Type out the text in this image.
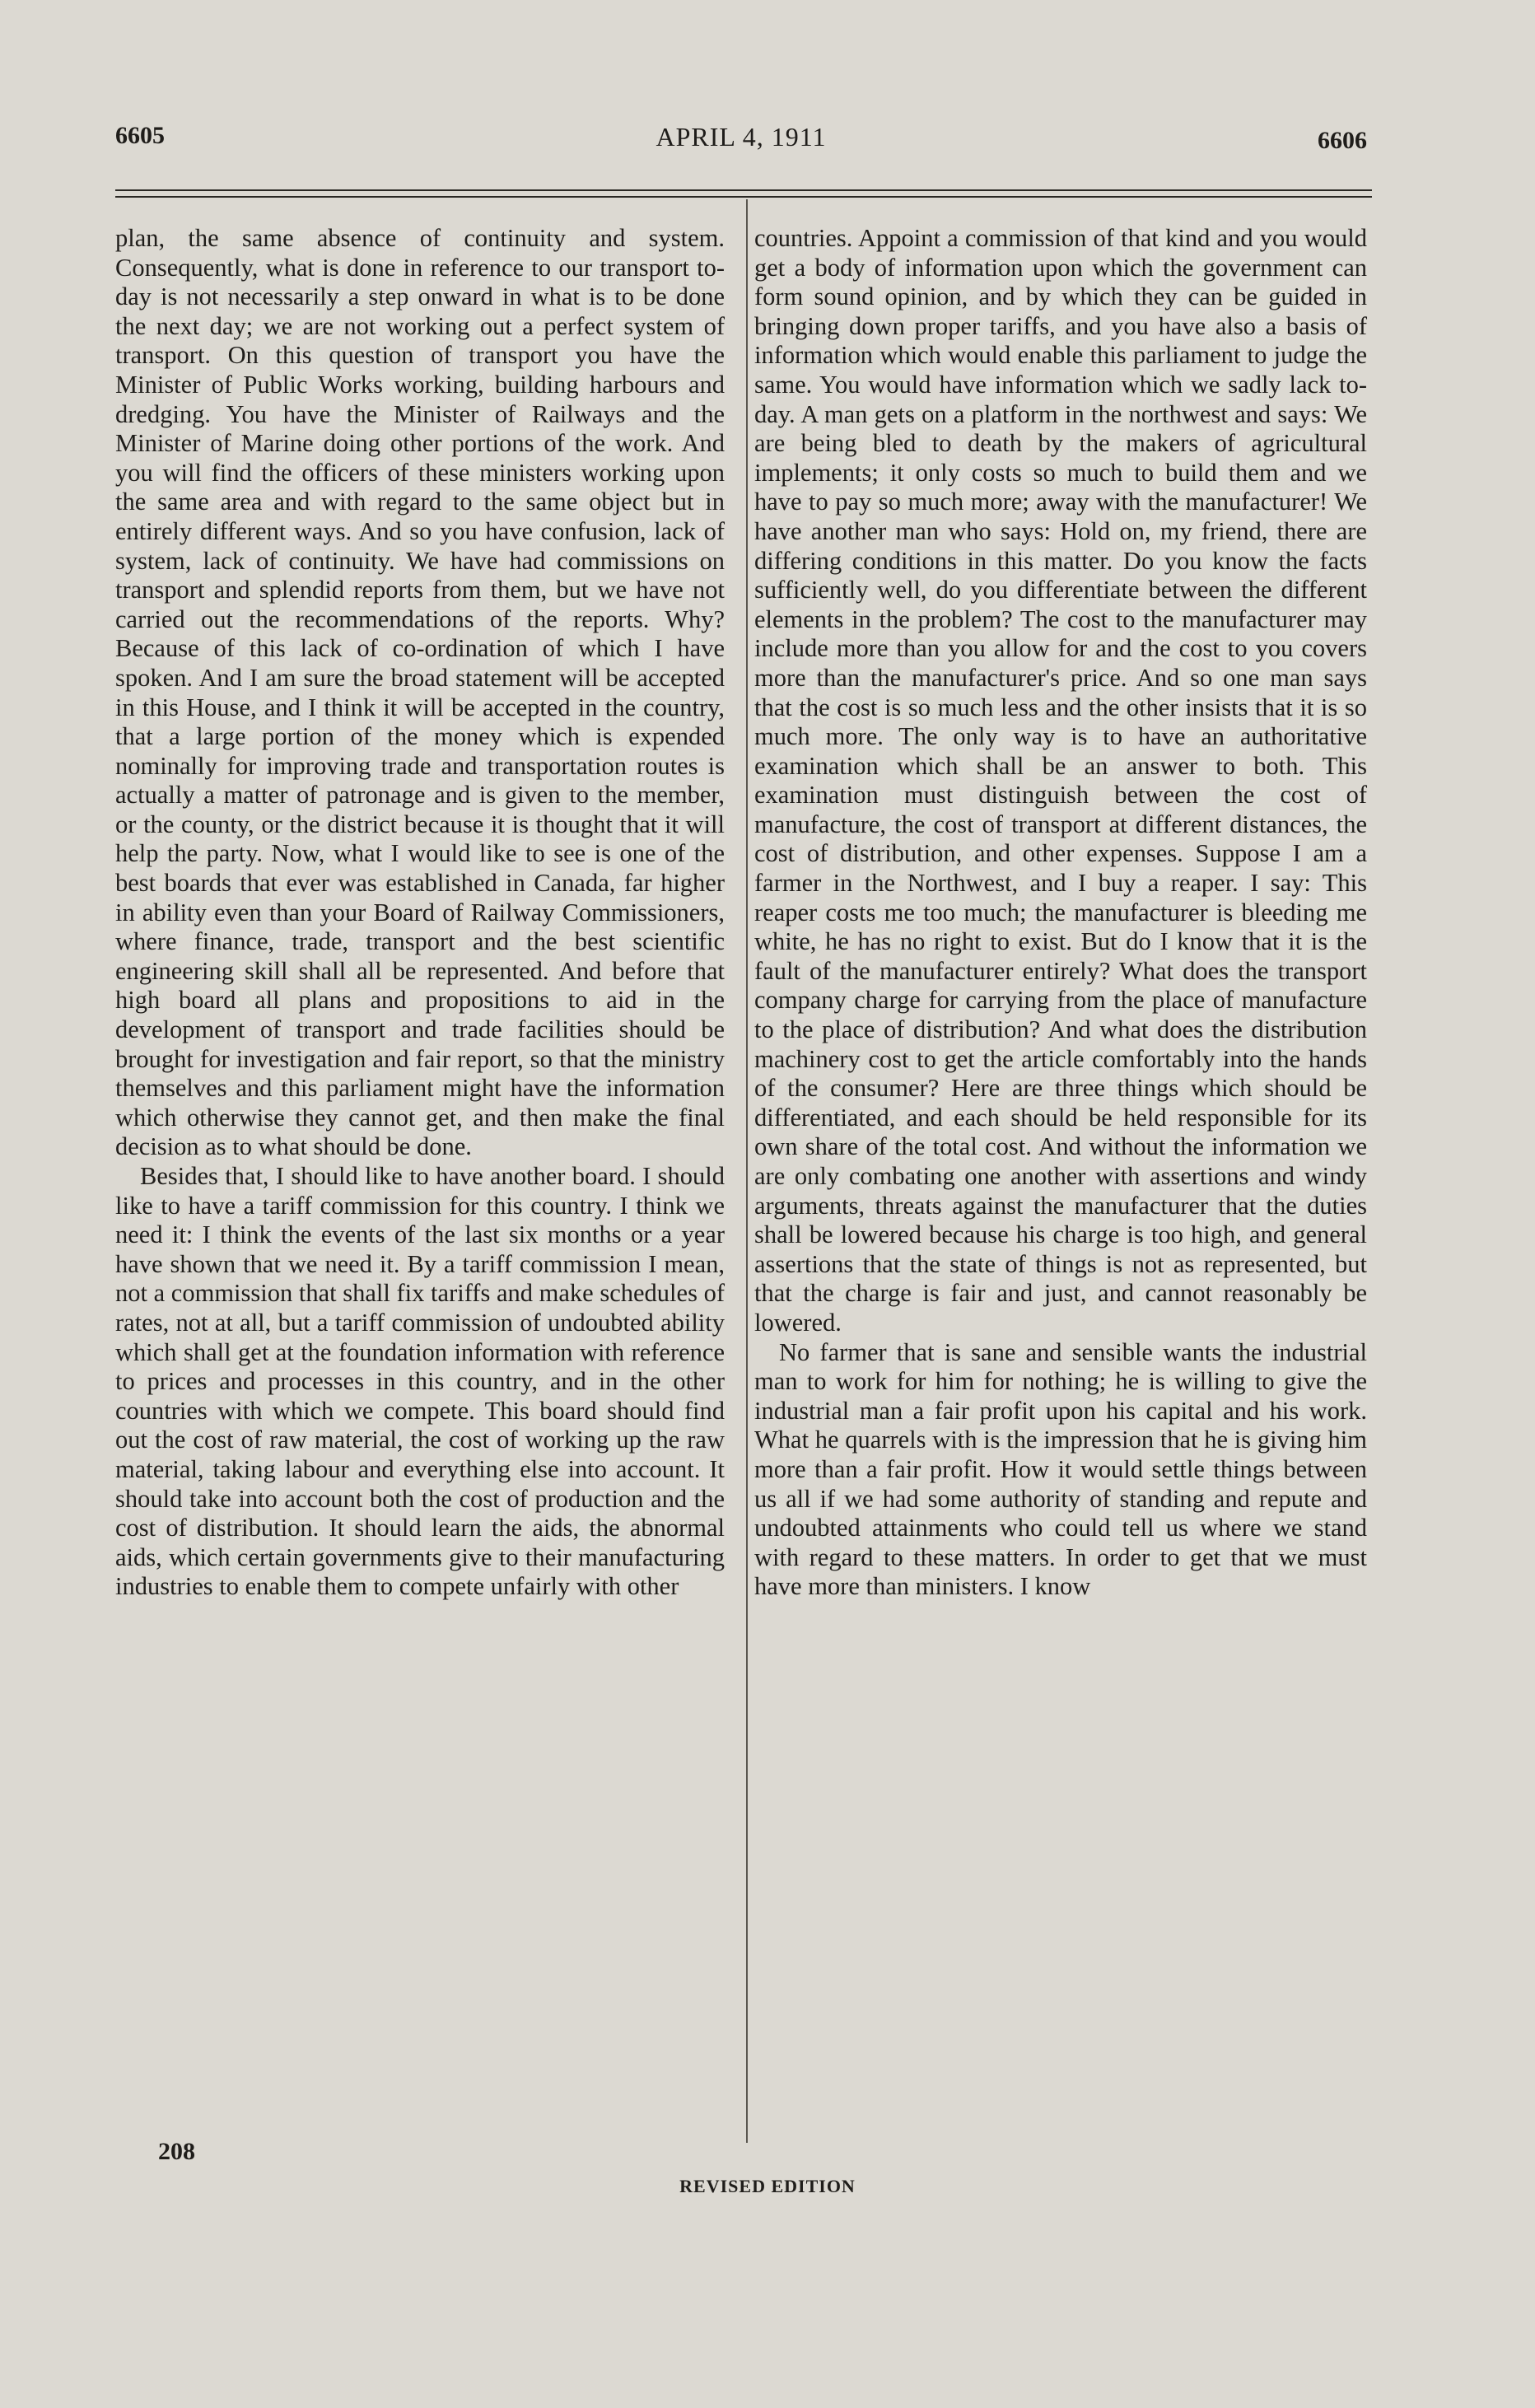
6605	APRIL 4, 1911	6606

plan, the same absence of continuity and system. Consequently, what is done in reference to our transport to-day is not necessarily a step onward in what is to be done the next day; we are not working out a perfect system of transport. On this question of transport you have the Minister of Public Works working, building harbours and dredging. You have the Minister of Railways and the Minister of Marine doing other portions of the work. And you will find the officers of these ministers working upon the same area and with regard to the same object but in entirely different ways. And so you have confusion, lack of system, lack of continuity. We have had commissions on transport and splendid reports from them, but we have not carried out the recommendations of the reports. Why? Because of this lack of co-ordination of which I have spoken. And I am sure the broad statement will be accepted in this House, and I think it will be accepted in the country, that a large portion of the money which is expended nominally for improving trade and transportation routes is actually a matter of patronage and is given to the member, or the county, or the district because it is thought that it will help the party. Now, what I would like to see is one of the best boards that ever was established in Canada, far higher in ability even than your Board of Railway Commissioners, where finance, trade, transport and the best scientific engineering skill shall all be represented. And before that high board all plans and propositions to aid in the development of transport and trade facilities should be brought for investigation and fair report, so that the ministry themselves and this parliament might have the information which otherwise they cannot get, and then make the final decision as to what should be done.

Besides that, I should like to have another board. I should like to have a tariff commission for this country. I think we need it: I think the events of the last six months or a year have shown that we need it. By a tariff commission I mean, not a commission that shall fix tariffs and make schedules of rates, not at all, but a tariff commission of undoubted ability which shall get at the foundation information with reference to prices and processes in this country, and in the other countries with which we compete. This board should find out the cost of raw material, the cost of working up the raw material, taking labour and everything else into account. It should take into account both the cost of production and the cost of distribution. It should learn the aids, the abnormal aids, which certain governments give to their manufacturing industries to enable them to compete unfairly with other

countries. Appoint a commission of that kind and you would get a body of information upon which the government can form sound opinion, and by which they can be guided in bringing down proper tariffs, and you have also a basis of information which would enable this parliament to judge the same. You would have information which we sadly lack to-day. A man gets on a platform in the northwest and says: We are being bled to death by the makers of agricultural implements; it only costs so much to build them and we have to pay so much more; away with the manufacturer! We have another man who says: Hold on, my friend, there are differing conditions in this matter. Do you know the facts sufficiently well, do you differentiate between the different elements in the problem? The cost to the manufacturer may include more than you allow for and the cost to you covers more than the manufacturer's price. And so one man says that the cost is so much less and the other insists that it is so much more. The only way is to have an authoritative examination which shall be an answer to both. This examination must distinguish between the cost of manufacture, the cost of transport at different distances, the cost of distribution, and other expenses. Suppose I am a farmer in the Northwest, and I buy a reaper. I say: This reaper costs me too much; the manufacturer is bleeding me white, he has no right to exist. But do I know that it is the fault of the manufacturer entirely? What does the transport company charge for carrying from the place of manufacture to the place of distribution? And what does the distribution machinery cost to get the article comfortably into the hands of the consumer? Here are three things which should be differentiated, and each should be held responsible for its own share of the total cost. And without the information we are only combating one another with assertions and windy arguments, threats against the manufacturer that the duties shall be lowered because his charge is too high, and general assertions that the state of things is not as represented, but that the charge is fair and just, and cannot reasonably be lowered.

No farmer that is sane and sensible wants the industrial man to work for him for nothing; he is willing to give the industrial man a fair profit upon his capital and his work. What he quarrels with is the impression that he is giving him more than a fair profit. How it would settle things between us all if we had some authority of standing and repute and undoubted attainments who could tell us where we stand with regard to these matters. In order to get that we must have more than ministers. I know

208
REVISED EDITION
